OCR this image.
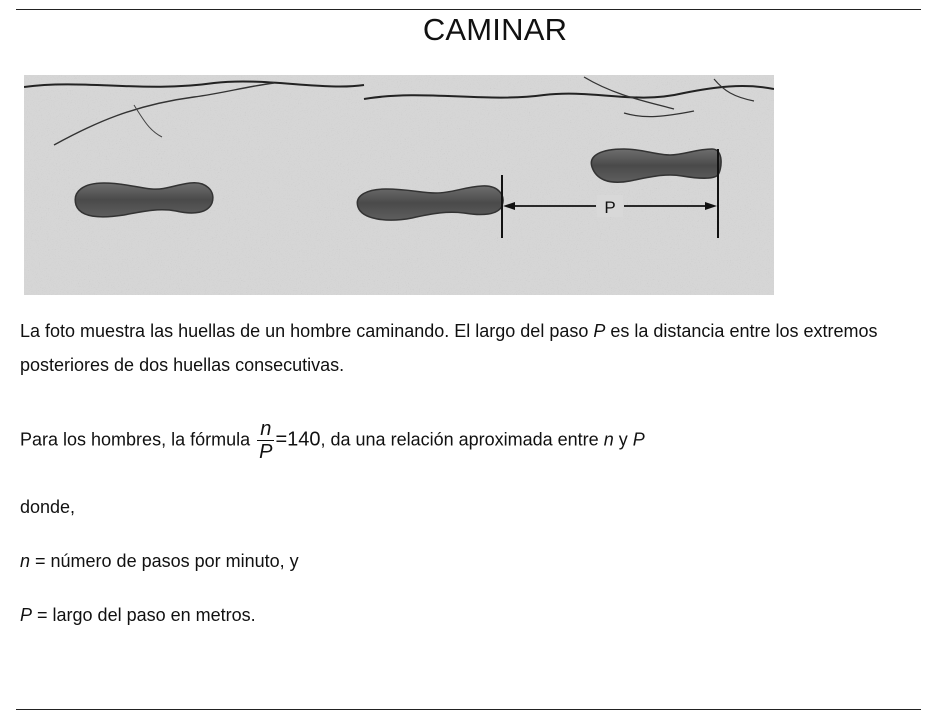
CAMINAR
P
La foto muestra las huellas de un hombre caminando. El largo del paso P es la distancia entre los extremos posteriores de dos huellas consecutivas.
Para los hombres, la fórmula $\frac{n}{P} =140$, da una relación aproximada entre n y P
donde,
n = número de pasos por minuto, y
P = largo del paso en metros.
